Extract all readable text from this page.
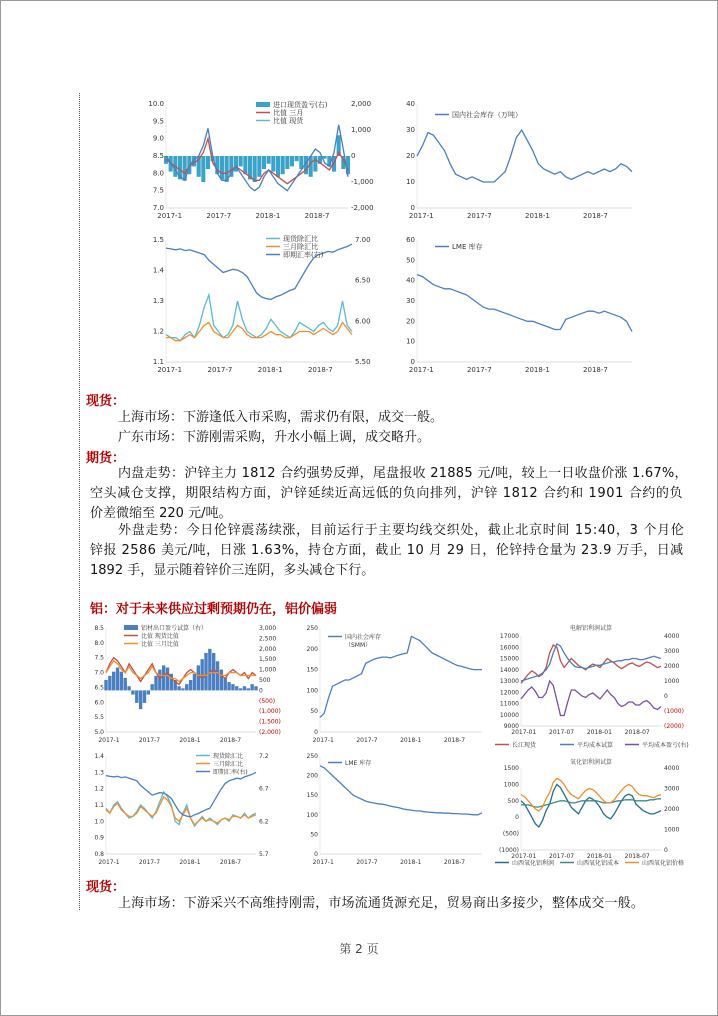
10.0
9.5
9.0
8.5
8.0
7.5
7.0
2,000
1,000
0
-1,000
-2,000
2017-1	2017-7	2018-1	2018-7
进口现货盈亏(右)
比值 三月
比值 现货
40
30
20
10
0
2017-1	2017-7	2018-1	2018-7
国内社会库存（万吨）
1.5
1.4
1.3
1.2
1.1
7.00
6.50
6.00
5.50
2017-1	2017-7	2018-1	2018-7
现货除汇比
三月除汇比
即期汇率(右)
60
50
40
30
20
10
0
2017-1	2017-7	2018-1	2018-7
LME 库存
现货：
上海市场：下游逢低入市采购，需求仍有限，成交一般。
广东市场：下游刚需采购，升水小幅上调，成交略升。
期货：
内盘走势：沪锌主力 1812 合约强势反弹，尾盘报收 21885 元/吨，较上一日收盘价涨 1.67%，
空头减仓支撑，期限结构方面，沪锌延续近高远低的负向排列，沪锌 1812 合约和 1901 合约的负
价差微缩至 220 元/吨。
外盘走势：今日伦锌震荡续涨，目前运行于主要均线交织处，截止北京时间 15:40，3 个月伦
锌报 2586 美元/吨，日涨 1.63%，持仓方面，截止 10 月 29 日，伦锌持仓量为 23.9 万手，日减
1892 手，显示随着锌价三连阴，多头减仓下行。
铝：对于未来供应过剩预期仍在，铝价偏弱
8.5
8.0
7.5
7.0
6.5
6.0
5.5
5.0
3,000
2,500
2,000
1,500
1,000
500
0
(500)
(1,000)
(1,500)
(2,000)
2017-1	2017-7	2018-1	2018-7
铝材出口盈亏试算（右）
比值 现货比值
比值 三月比值
250
200
150
100
50
0
2017-1	2017-7	2018-1	2018-7
国内社会库存
（SMM）
1.4
1.3
1.2
1.1
1.0
0.9
0.8
7.2
6.7
6.2
5.7
2017-1	2017-7	2018-1	2018-7
现货除汇比
三月除汇比
即期汇率(右)
250
200
150
100
50
0
2017-1	2017-7	2018-1	2018-7
LME 库存
17000
16000
15000
14000
13000
12000
11000
10000
9000
4000
3000
2000
1000
0
(1000)
(2000)
2017-01 2017-07 2018-01 2018-07
电解铝利润试算
长江现货	平均成本试算	平均成本盈亏(右)
1500
1000
500
0
(500)
(1000)
4000
3000
2000
1000
0
2017-01 2017-07 2018-01 2018-07
氧化铝利润试算
山西氧化铝利润	山西氧化铝成本	山西氧化铝价格
现货：
上海市场：下游采兴不高维持刚需，市场流通货源充足，贸易商出多接少，整体成交一般。
第 2 页
